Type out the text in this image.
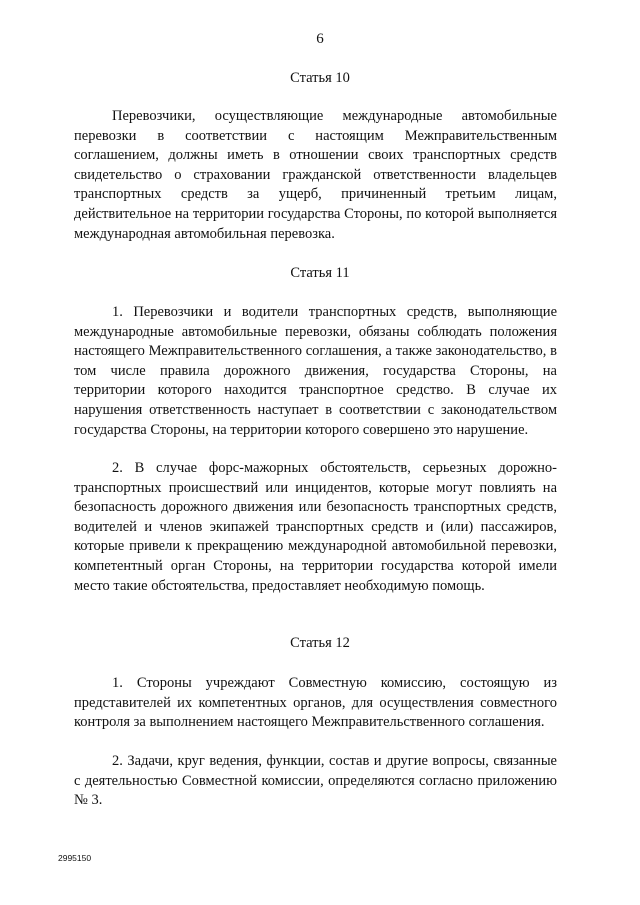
6
Статья 10

Перевозчики, осуществляющие международные автомобильные перевозки в соответствии с настоящим Межправительственным соглашением, должны иметь в отношении своих транспортных средств свидетельство о страховании гражданской ответственности владельцев транспортных средств за ущерб, причиненный третьим лицам, действительное на территории государства Стороны, по которой выполняется международная автомобильная перевозка.

Статья 11

1. Перевозчики и водители транспортных средств, выполняющие международные автомобильные перевозки, обязаны соблюдать положения настоящего Межправительственного соглашения, а также законодательство, в том числе правила дорожного движения, государства Стороны, на территории которого находится транспортное средство. В случае их нарушения ответственность наступает в соответствии с законодательством государства Стороны, на территории которого совершено это нарушение.

2. В случае форс-мажорных обстоятельств, серьезных дорожно-транспортных происшествий или инцидентов, которые могут повлиять на безопасность дорожного движения или безопасность транспортных средств, водителей и членов экипажей транспортных средств и (или) пассажиров, которые привели к прекращению международной автомобильной перевозки, компетентный орган Стороны, на территории государства которой имели место такие обстоятельства, предоставляет необходимую помощь.

Статья 12

1. Стороны учреждают Совместную комиссию, состоящую из представителей их компетентных органов, для осуществления совместного контроля за выполнением настоящего Межправительственного соглашения.

2. Задачи, круг ведения, функции, состав и другие вопросы, связанные с деятельностью Совместной комиссии, определяются согласно приложению № 3.

2995150
